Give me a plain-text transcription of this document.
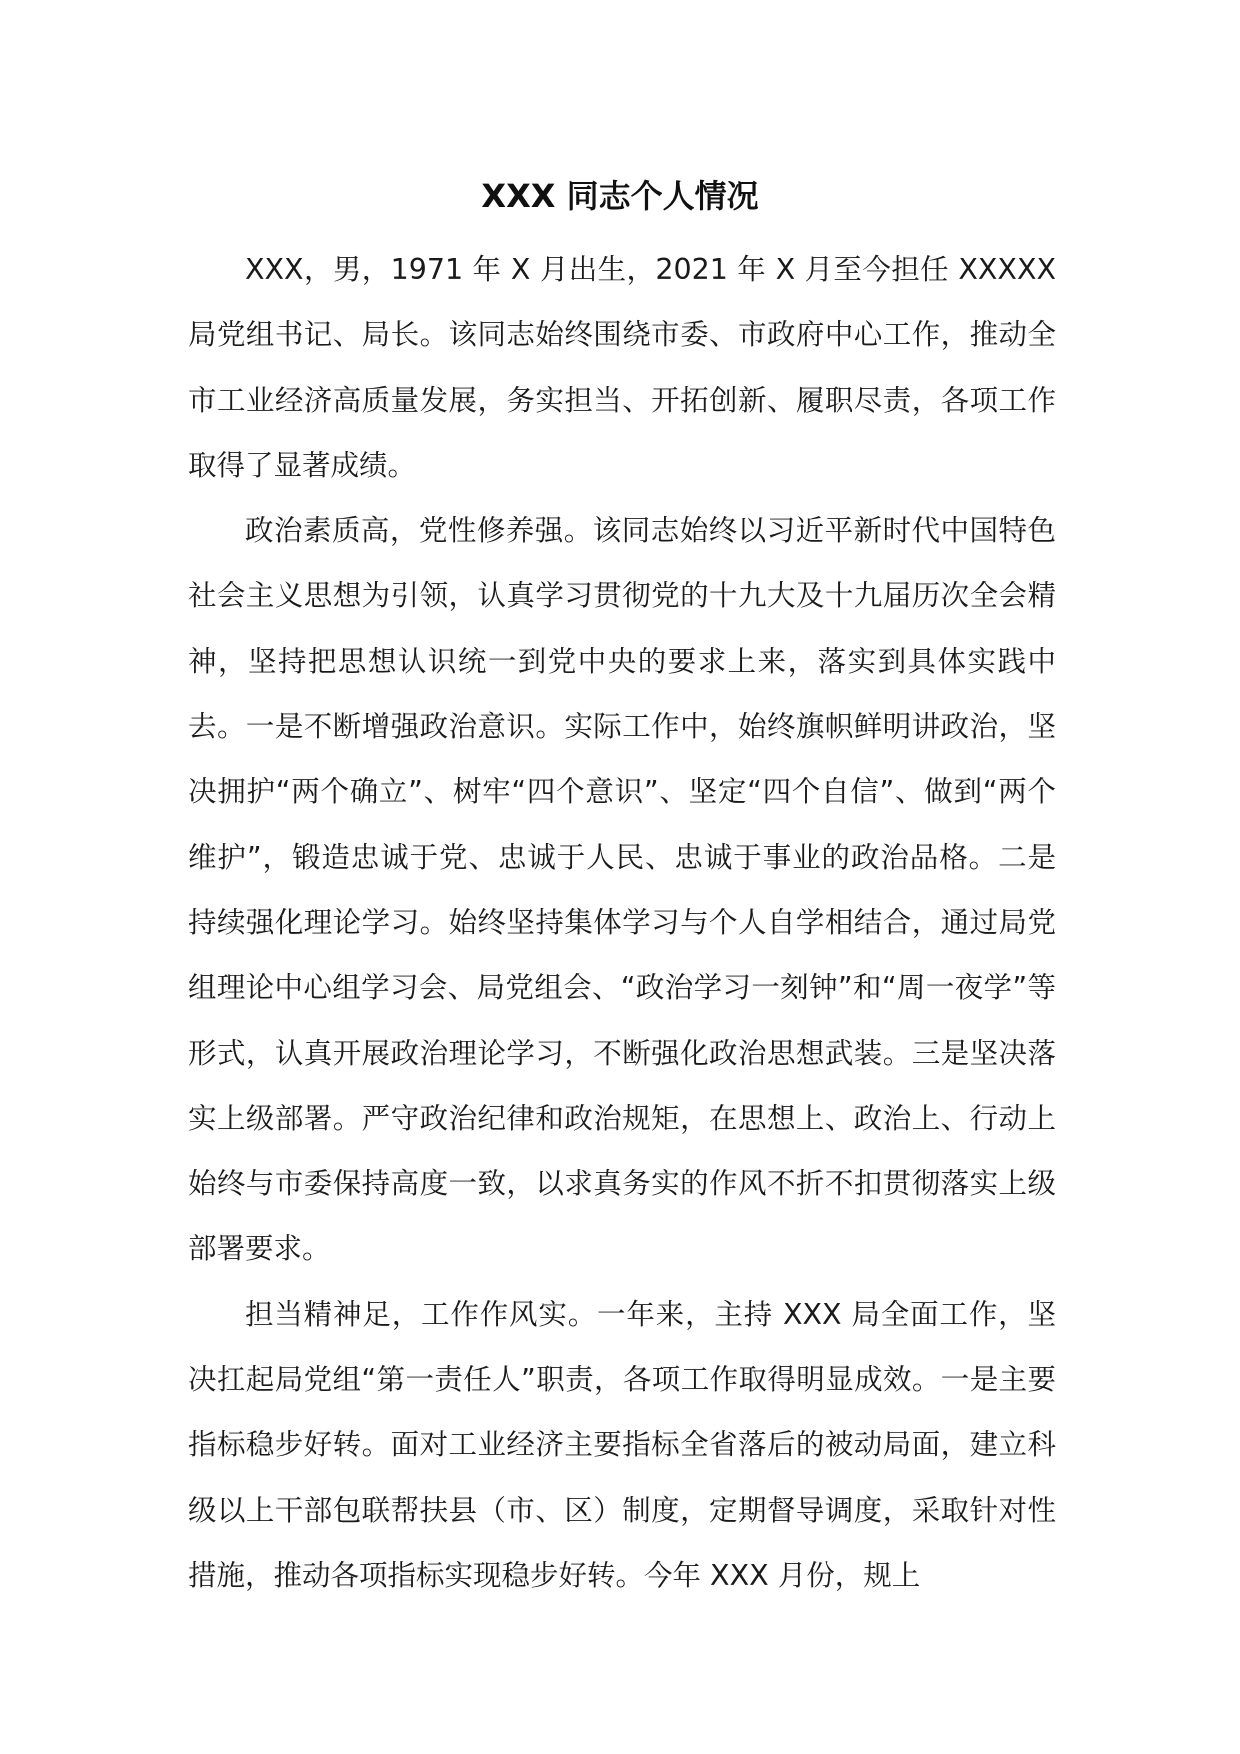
XXX 同志个人情况

XXX，男，1971 年 X 月出生，2021 年 X 月至今担任 XXXXX 局党组书记、局长。该同志始终围绕市委、市政府中心工作，推动全市工业经济高质量发展，务实担当、开拓创新、履职尽责，各项工作取得了显著成绩。

政治素质高，党性修养强。该同志始终以习近平新时代中国特色社会主义思想为引领，认真学习贯彻党的十九大及十九届历次全会精神，坚持把思想认识统一到党中央的要求上来，落实到具体实践中去。一是不断增强政治意识。实际工作中，始终旗帜鲜明讲政治，坚决拥护“两个确立”、树牢“四个意识”、坚定“四个自信”、做到“两个维护”，锻造忠诚于党、忠诚于人民、忠诚于事业的政治品格。二是持续强化理论学习。始终坚持集体学习与个人自学相结合，通过局党组理论中心组学习会、局党组会、“政治学习一刻钟”和“周一夜学”等形式，认真开展政治理论学习，不断强化政治思想武装。三是坚决落实上级部署。严守政治纪律和政治规矩，在思想上、政治上、行动上始终与市委保持高度一致，以求真务实的作风不折不扣贯彻落实上级部署要求。

担当精神足，工作作风实。一年来，主持 XXX 局全面工作，坚决扛起局党组“第一责任人”职责，各项工作取得明显成效。一是主要指标稳步好转。面对工业经济主要指标全省落后的被动局面，建立科级以上干部包联帮扶县（市、区）制度，定期督导调度，采取针对性措施，推动各项指标实现稳步好转。今年 XXX 月份，规上
